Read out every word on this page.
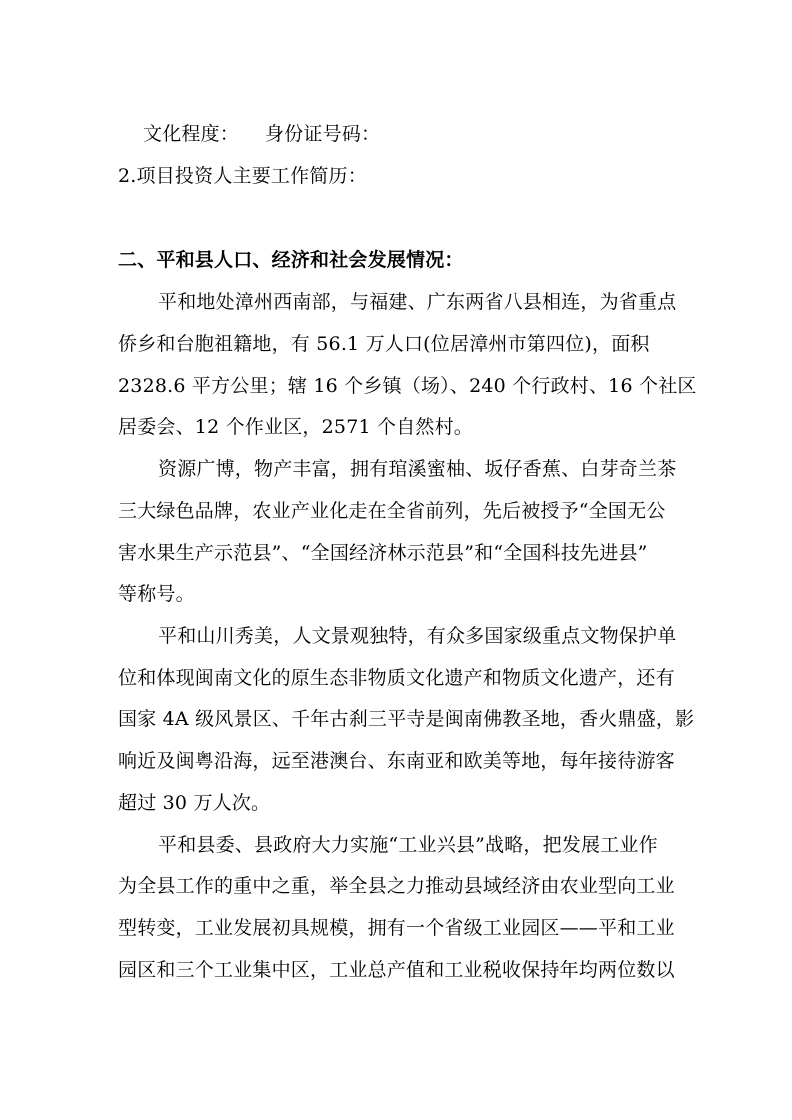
文化程度： 身份证号码：
2.项目投资人主要工作简历：
二、平和县人口、经济和社会发展情况：
平和地处漳州西南部，与福建、广东两省八县相连，为省重点
侨乡和台胞祖籍地，有 56.1 万人口(位居漳州市第四位)，面积
2328.6 平方公里；辖 16 个乡镇（场）、240 个行政村、16 个社区
居委会、12 个作业区，2571 个自然村。
资源广博，物产丰富，拥有琯溪蜜柚、坂仔香蕉、白芽奇兰茶
三大绿色品牌，农业产业化走在全省前列，先后被授予“全国无公
害水果生产示范县”、“全国经济林示范县”和“全国科技先进县”
等称号。
平和山川秀美，人文景观独特，有众多国家级重点文物保护单
位和体现闽南文化的原生态非物质文化遗产和物质文化遗产，还有
国家 4A 级风景区、千年古刹三平寺是闽南佛教圣地，香火鼎盛，影
响近及闽粤沿海，远至港澳台、东南亚和欧美等地，每年接待游客
超过 30 万人次。
平和县委、县政府大力实施“工业兴县”战略，把发展工业作
为全县工作的重中之重，举全县之力推动县域经济由农业型向工业
型转变，工业发展初具规模，拥有一个省级工业园区——平和工业
园区和三个工业集中区，工业总产值和工业税收保持年均两位数以
